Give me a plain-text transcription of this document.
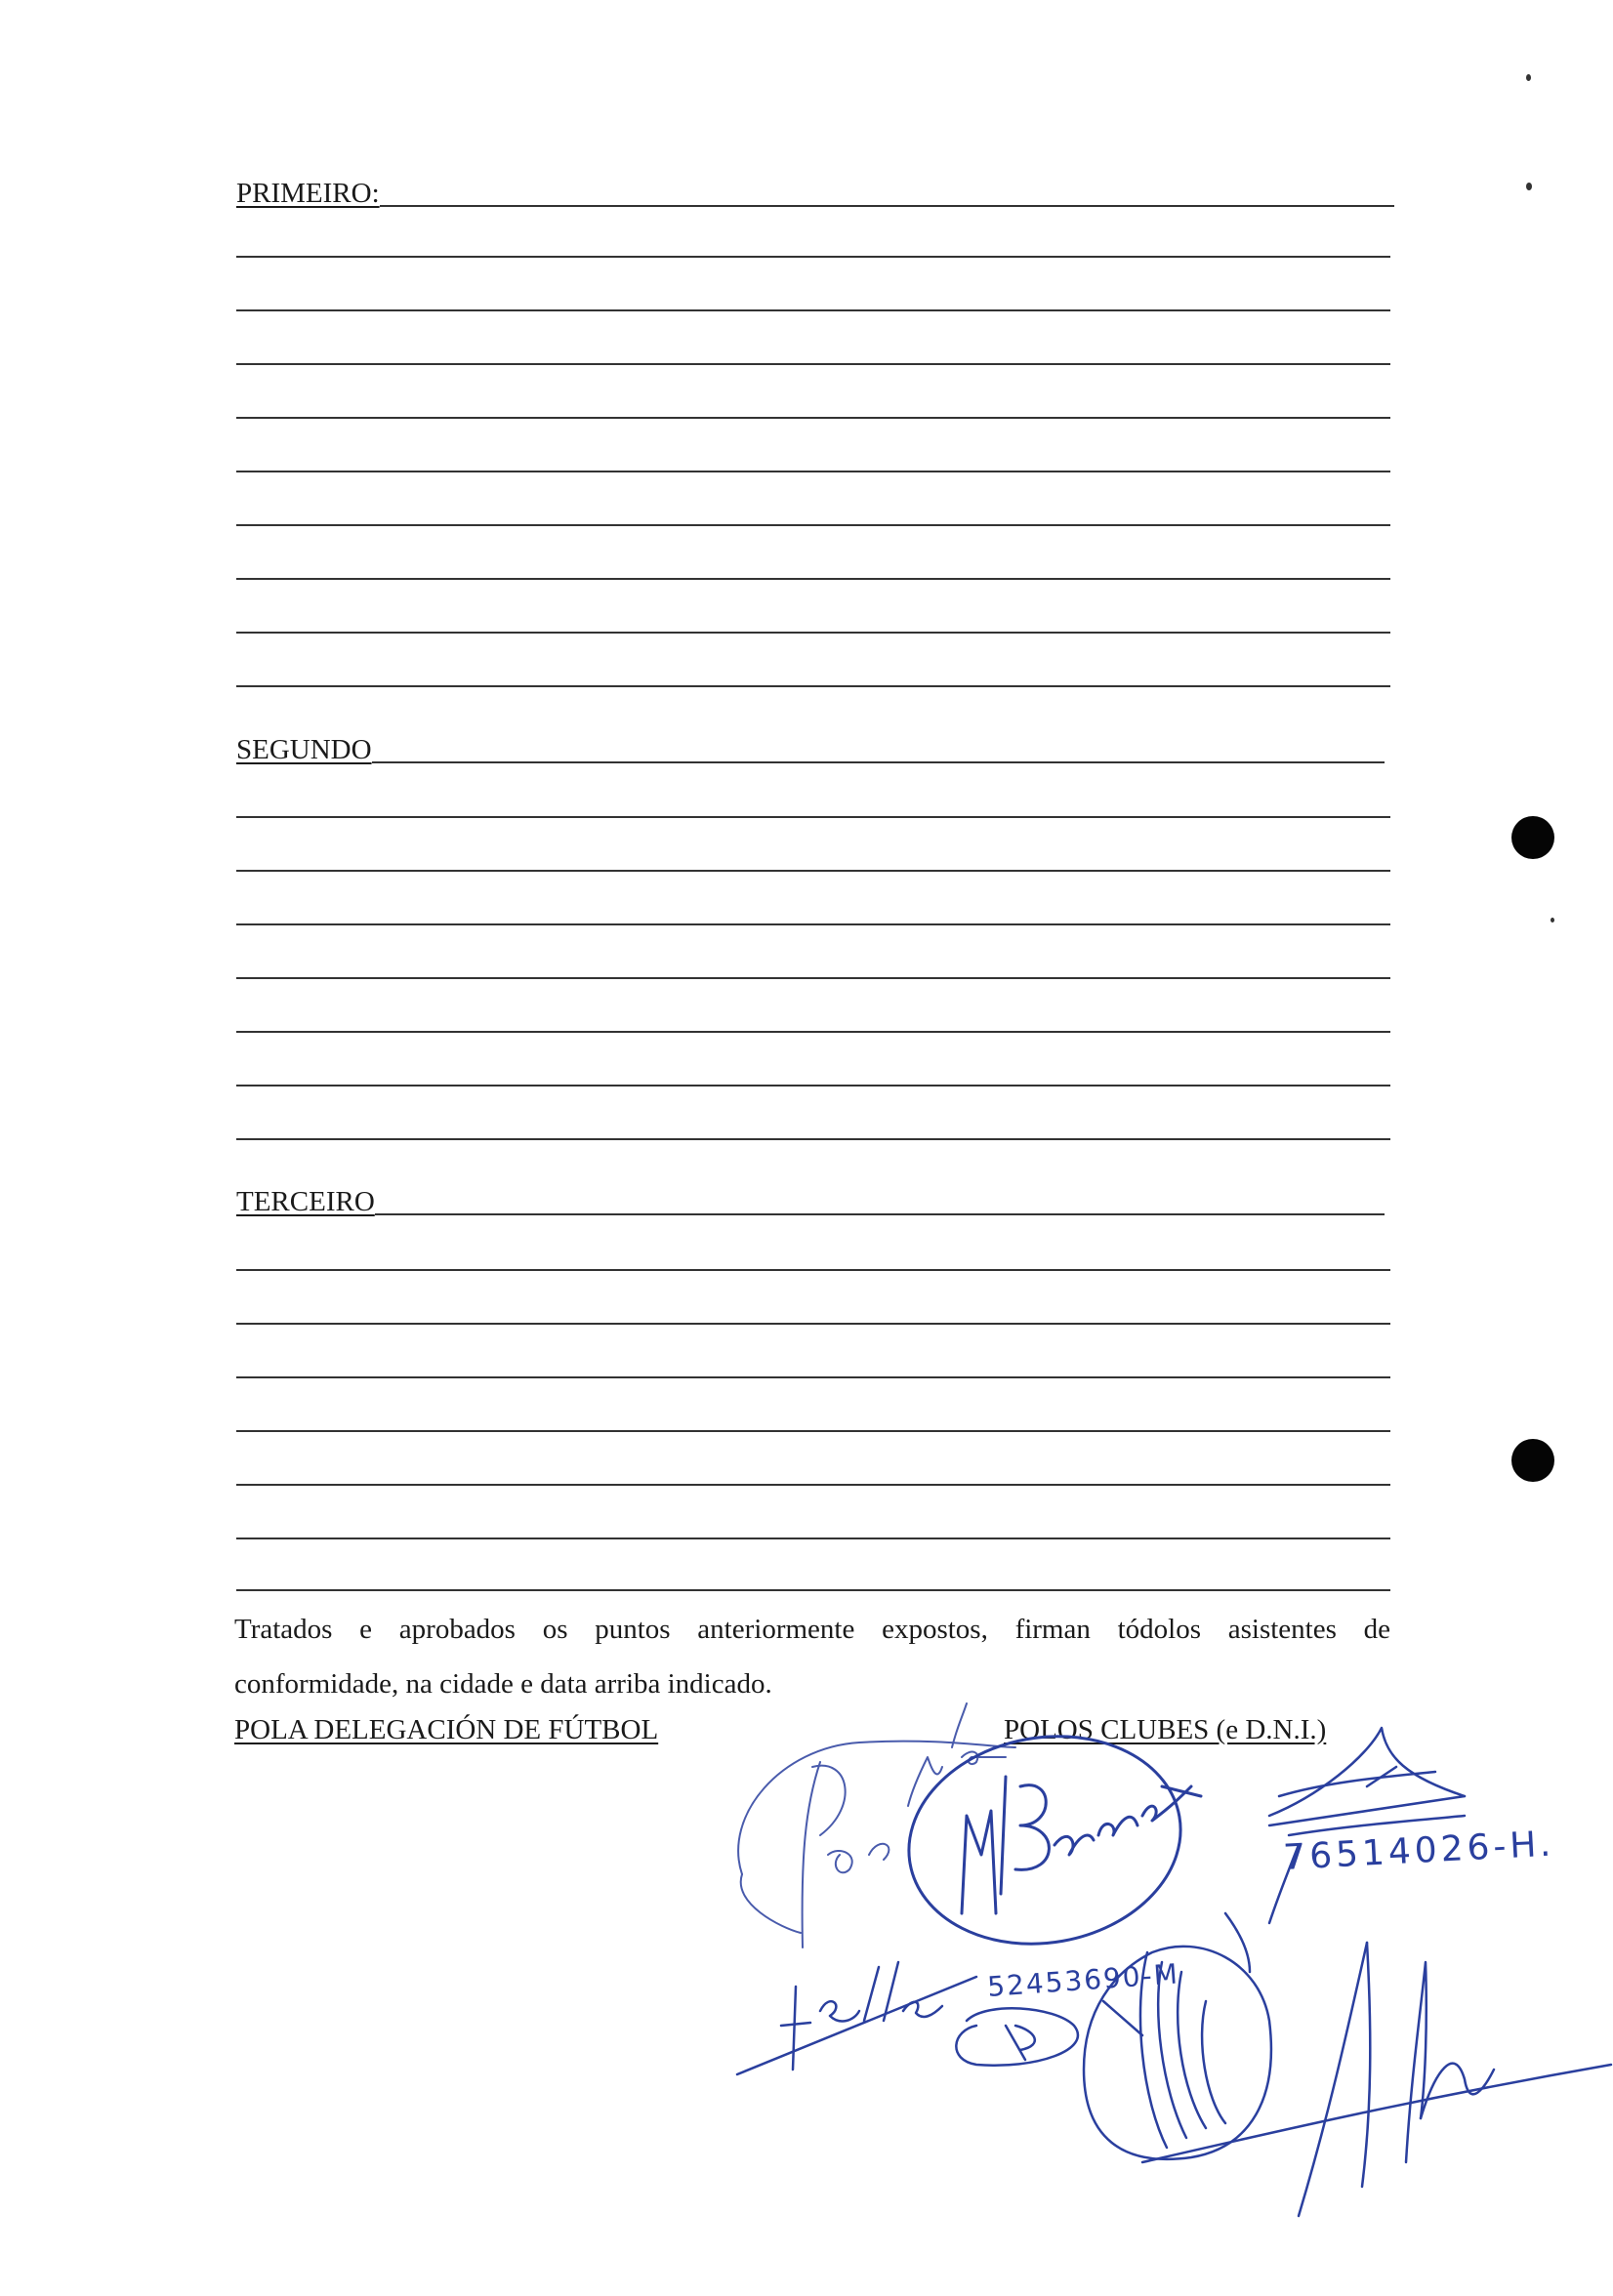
PRIMEIRO:
SEGUNDO
TERCEIRO
Tratados e aprobados os puntos anteriormente expostos, firman tódolos asistentes de
conformidade, na cidade e data arriba indicado.
POLA DELEGACIÓN DE FÚTBOL	POLOS CLUBES (e D.N.I.)
76514026-H.
52453690-M
